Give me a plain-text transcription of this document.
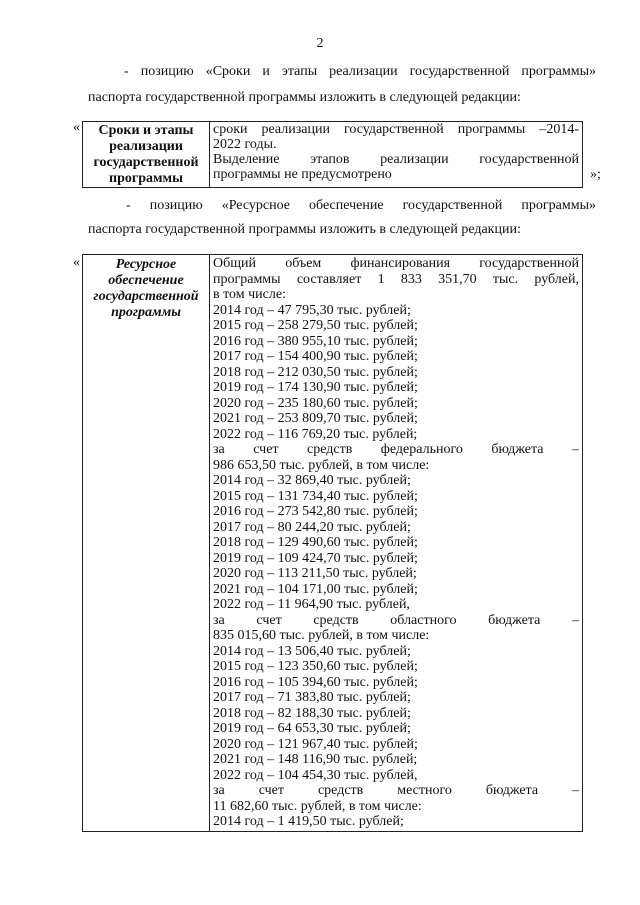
2
- позицию «Сроки и этапы реализации государственной программы»
паспорта государственной программы изложить в следующей редакции:
«	Сроки и этапы реализации государственной программы

сроки реализации государственной программы –2014-
2022 годы.
Выделение этапов реализации государственной
программы не предусмотрено	»;
- позицию «Ресурсное обеспечение государственной программы»
паспорта государственной программы изложить в следующей редакции:
«	Ресурсное обеспечение государственной программы

Общий объем финансирования государственной
программы составляет 1 833 351,70 тыс. рублей,
в том числе:
2014 год – 47 795,30 тыс. рублей;
2015 год – 258 279,50 тыс. рублей;
2016 год – 380 955,10 тыс. рублей;
2017 год – 154 400,90 тыс. рублей;
2018 год – 212 030,50 тыс. рублей;
2019 год – 174 130,90 тыс. рублей;
2020 год – 235 180,60 тыс. рублей;
2021 год – 253 809,70 тыс. рублей;
2022 год – 116 769,20 тыс. рублей;
за счет средств федерального бюджета –
986 653,50 тыс. рублей, в том числе:
2014 год – 32 869,40 тыс. рублей;
2015 год – 131 734,40 тыс. рублей;
2016 год – 273 542,80 тыс. рублей;
2017 год – 80 244,20 тыс. рублей;
2018 год – 129 490,60 тыс. рублей;
2019 год – 109 424,70 тыс. рублей;
2020 год – 113 211,50 тыс. рублей;
2021 год – 104 171,00 тыс. рублей;
2022 год – 11 964,90 тыс. рублей,
за счет средств областного бюджета –
835 015,60 тыс. рублей, в том числе:
2014 год – 13 506,40 тыс. рублей;
2015 год – 123 350,60 тыс. рублей;
2016 год – 105 394,60 тыс. рублей;
2017 год – 71 383,80 тыс. рублей;
2018 год – 82 188,30 тыс. рублей;
2019 год – 64 653,30 тыс. рублей;
2020 год – 121 967,40 тыс. рублей;
2021 год – 148 116,90 тыс. рублей;
2022 год – 104 454,30 тыс. рублей,
за счет средств местного бюджета –
11 682,60 тыс. рублей, в том числе:
2014 год – 1 419,50 тыс. рублей;
